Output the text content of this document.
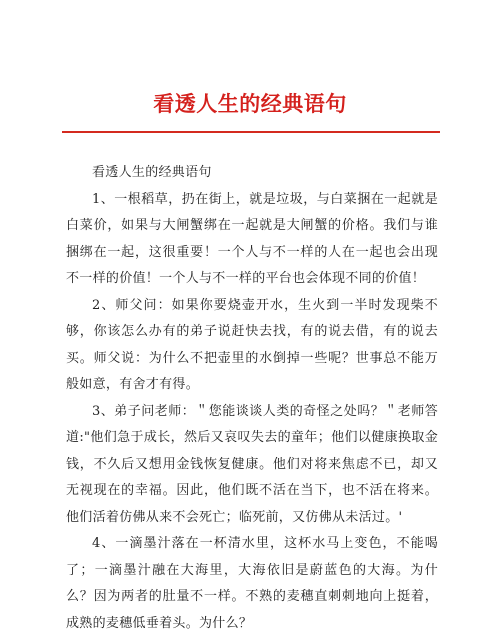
看透人生的经典语句

看透人生的经典语句

1、一根稻草，扔在街上，就是垃圾，与白菜捆在一起就是白菜价，如果与大闸蟹绑在一起就是大闸蟹的价格。我们与谁捆绑在一起，这很重要！一个人与不一样的人在一起也会出现不一样的价值！一个人与不一样的平台也会体现不同的价值！

2、师父问：如果你要烧壶开水，生火到一半时发现柴不够，你该怎么办有的弟子说赶快去找，有的说去借，有的说去买。师父说：为什么不把壶里的水倒掉一些呢？世事总不能万般如意，有舍才有得。

3、弟子问老师：＂您能谈谈人类的奇怪之处吗？＂老师答道:"他们急于成长，然后又哀叹失去的童年；他们以健康换取金钱，不久后又想用金钱恢复健康。他们对将来焦虑不已，却又无视现在的幸福。因此，他们既不活在当下，也不活在将来。他们活着仿佛从来不会死亡；临死前，又仿佛从未活过。'

4、一滴墨汁落在一杯清水里，这杯水马上变色，不能喝了；一滴墨汁融在大海里，大海依旧是蔚蓝色的大海。为什么？因为两者的肚量不一样。不熟的麦穗直刺刺地向上挺着，成熟的麦穗低垂着头。为什么？
